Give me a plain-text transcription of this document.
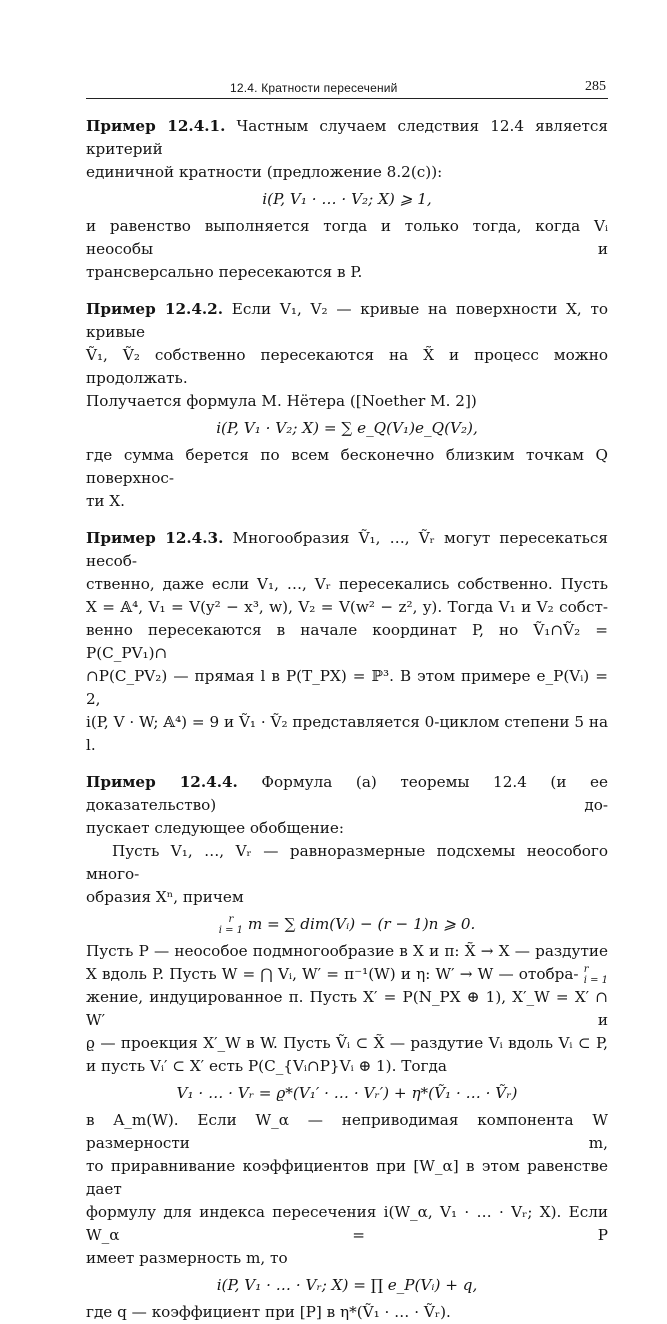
12.4. Кратности пересечений	285

Пример 12.4.1. Частным случаем следствия 12.4 является критерий

единичной кратности (предложение 8.2(c)):

i(P, V₁ · … · V₂; X) ⩾ 1,

и равенство выполняется тогда и только тогда, когда Vᵢ неособы и

трансверсально пересекаются в P.

Пример 12.4.2. Если V₁, V₂ — кривые на поверхности X, то кривые

Ṽ₁, Ṽ₂ собственно пересекаются на X̃ и процесс можно продолжать.

Получается формула М. Нётера ([Noether M. 2])

i(P, V₁ · V₂; X) = ∑ e_Q(V₁)e_Q(V₂),

где сумма берется по всем бесконечно близким точкам Q поверхнос-

ти X.

Пример 12.4.3. Многообразия Ṽ₁, …, Ṽᵣ могут пересекаться несоб-

ственно, даже если V₁, …, Vᵣ пересекались собственно. Пусть

X = 𝔸⁴, V₁ = V(y² − x³, w), V₂ = V(w² − z², y). Тогда V₁ и V₂ собст-

венно пересекаются в начале координат P, но Ṽ₁∩Ṽ₂ = P(C_PV₁)∩

∩P(C_PV₂) — прямая l в P(T_PX) = ℙ³. В этом примере e_P(Vᵢ) = 2,

i(P, V · W; 𝔸⁴) = 9 и Ṽ₁ · Ṽ₂ представляется 0-циклом степени 5 на l.

Пример 12.4.4. Формула (а) теоремы 12.4 (и ее доказательство) до-

пускает следующее обобщение:

Пусть V₁, …, Vᵣ — равноразмерные подсхемы неособого много-

образия Xⁿ, причем

r
i = 1 m = ∑ dim(Vᵢ) − (r − 1)n ⩾ 0.

Пусть P — неособое подмногообразие в X и π: X̃ → X — раздутие

X вдоль P. Пусть W = ⋂ Vᵢ, W′ = π⁻¹(W) и η: W′ → W — отобра- r
i = 1

жение, индуцированное π. Пусть X′ = P(N_PX ⊕ 1), X′_W = X′ ∩ W′ и

ϱ — проекция X′_W в W. Пусть Ṽᵢ ⊂ X̃ — раздутие Vᵢ вдоль Vᵢ ⊂ P,

и пусть Vᵢ′ ⊂ X′ есть P(C_{Vᵢ∩P}Vᵢ ⊕ 1). Тогда

V₁ · … · Vᵣ = ϱ*(V₁′ · … · Vᵣ′) + η*(Ṽ₁ · … · Ṽᵣ)

в A_m(W). Если W_α — неприводимая компонента W размерности m,

то приравнивание коэффициентов при [W_α] в этом равенстве дает

формулу для индекса пересечения i(W_α, V₁ · … · Vᵣ; X). Если W_α = P

имеет размерность m, то

i(P, V₁ · … · Vᵣ; X) = ∏ e_P(Vᵢ) + q,

где q — коэффициент при [P] в η*(Ṽ₁ · … · Ṽᵣ).
